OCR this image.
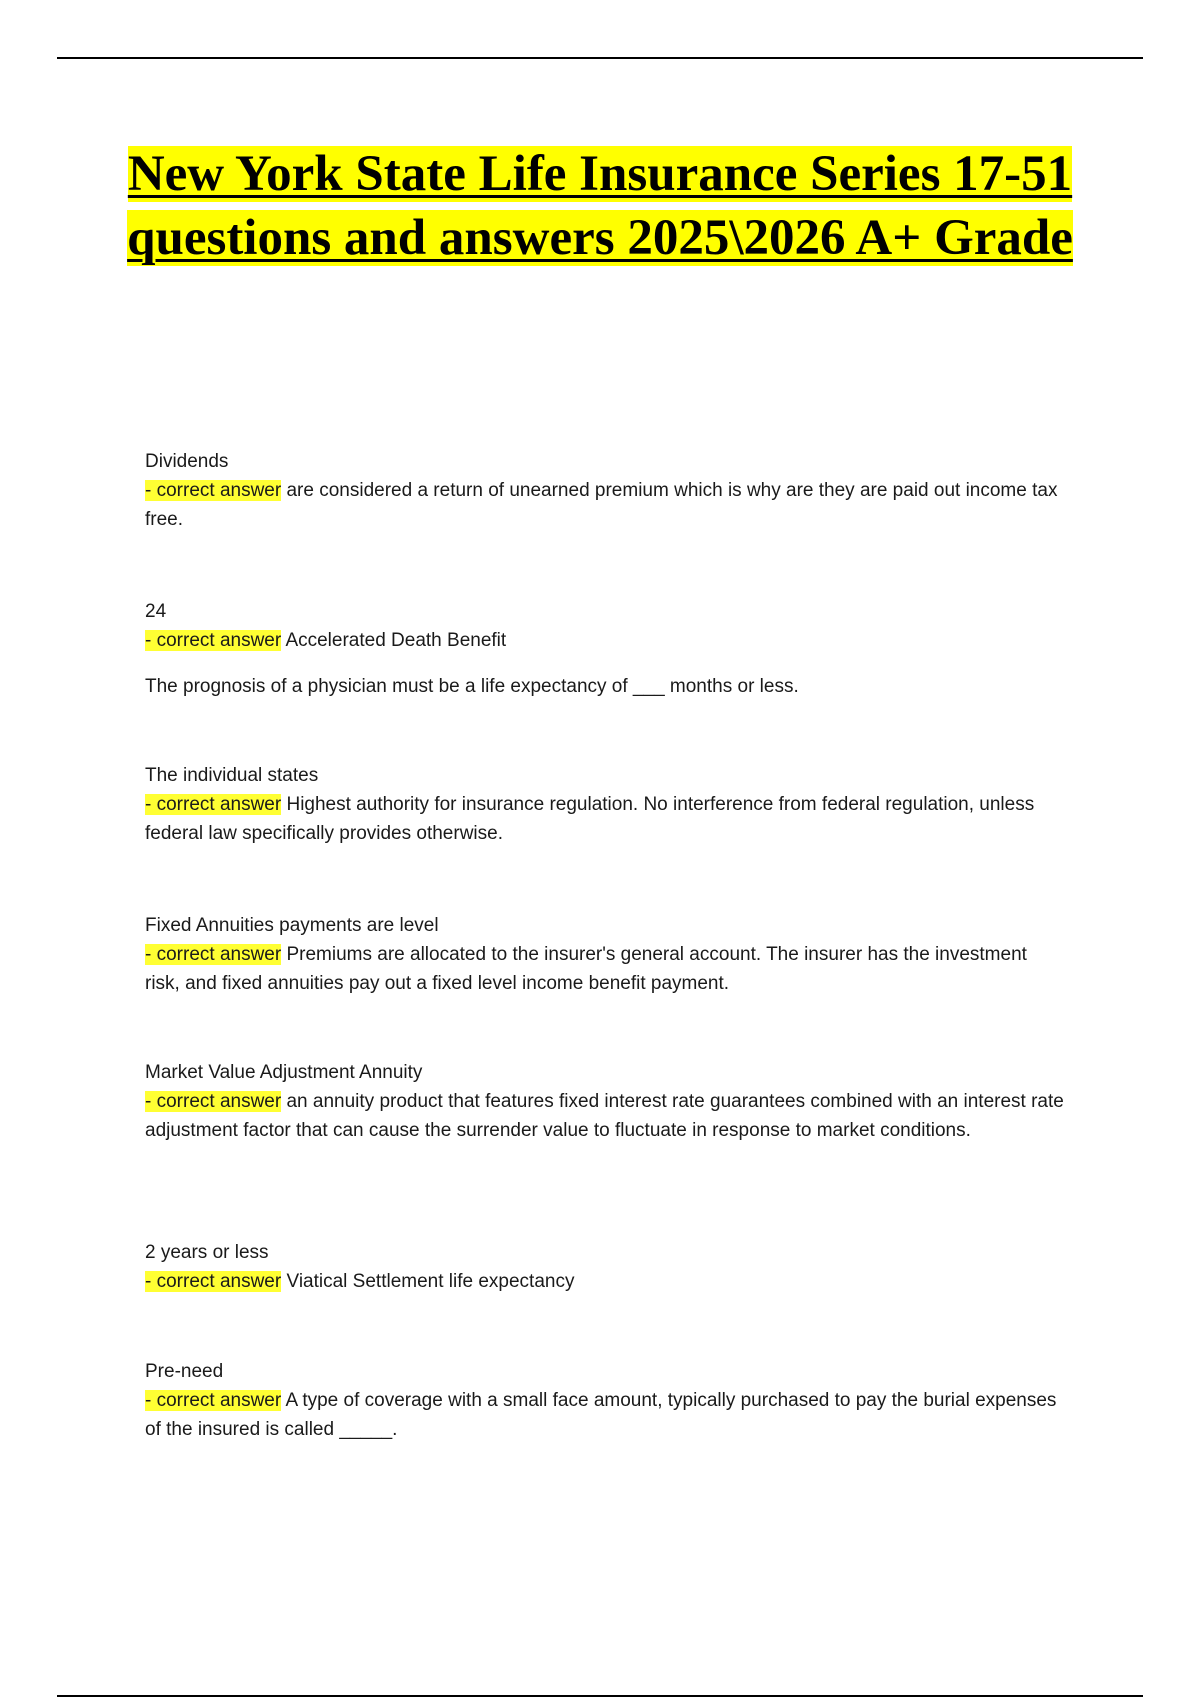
New York State Life Insurance Series 17-51 questions and answers 2025\2026 A+ Grade
Dividends
- correct answer are considered a return of unearned premium which is why are they are paid out income tax free.
24
- correct answer Accelerated Death Benefit
The prognosis of a physician must be a life expectancy of ___ months or less.
The individual states
- correct answer Highest authority for insurance regulation. No interference from federal regulation, unless federal law specifically provides otherwise.
Fixed Annuities payments are level
- correct answer Premiums are allocated to the insurer's general account. The insurer has the investment risk, and fixed annuities pay out a fixed level income benefit payment.
Market Value Adjustment Annuity
- correct answer an annuity product that features fixed interest rate guarantees combined with an interest rate adjustment factor that can cause the surrender value to fluctuate in response to market conditions.
2 years or less
- correct answer Viatical Settlement life expectancy
Pre-need
- correct answer A type of coverage with a small face amount, typically purchased to pay the burial expenses of the insured is called _____.
